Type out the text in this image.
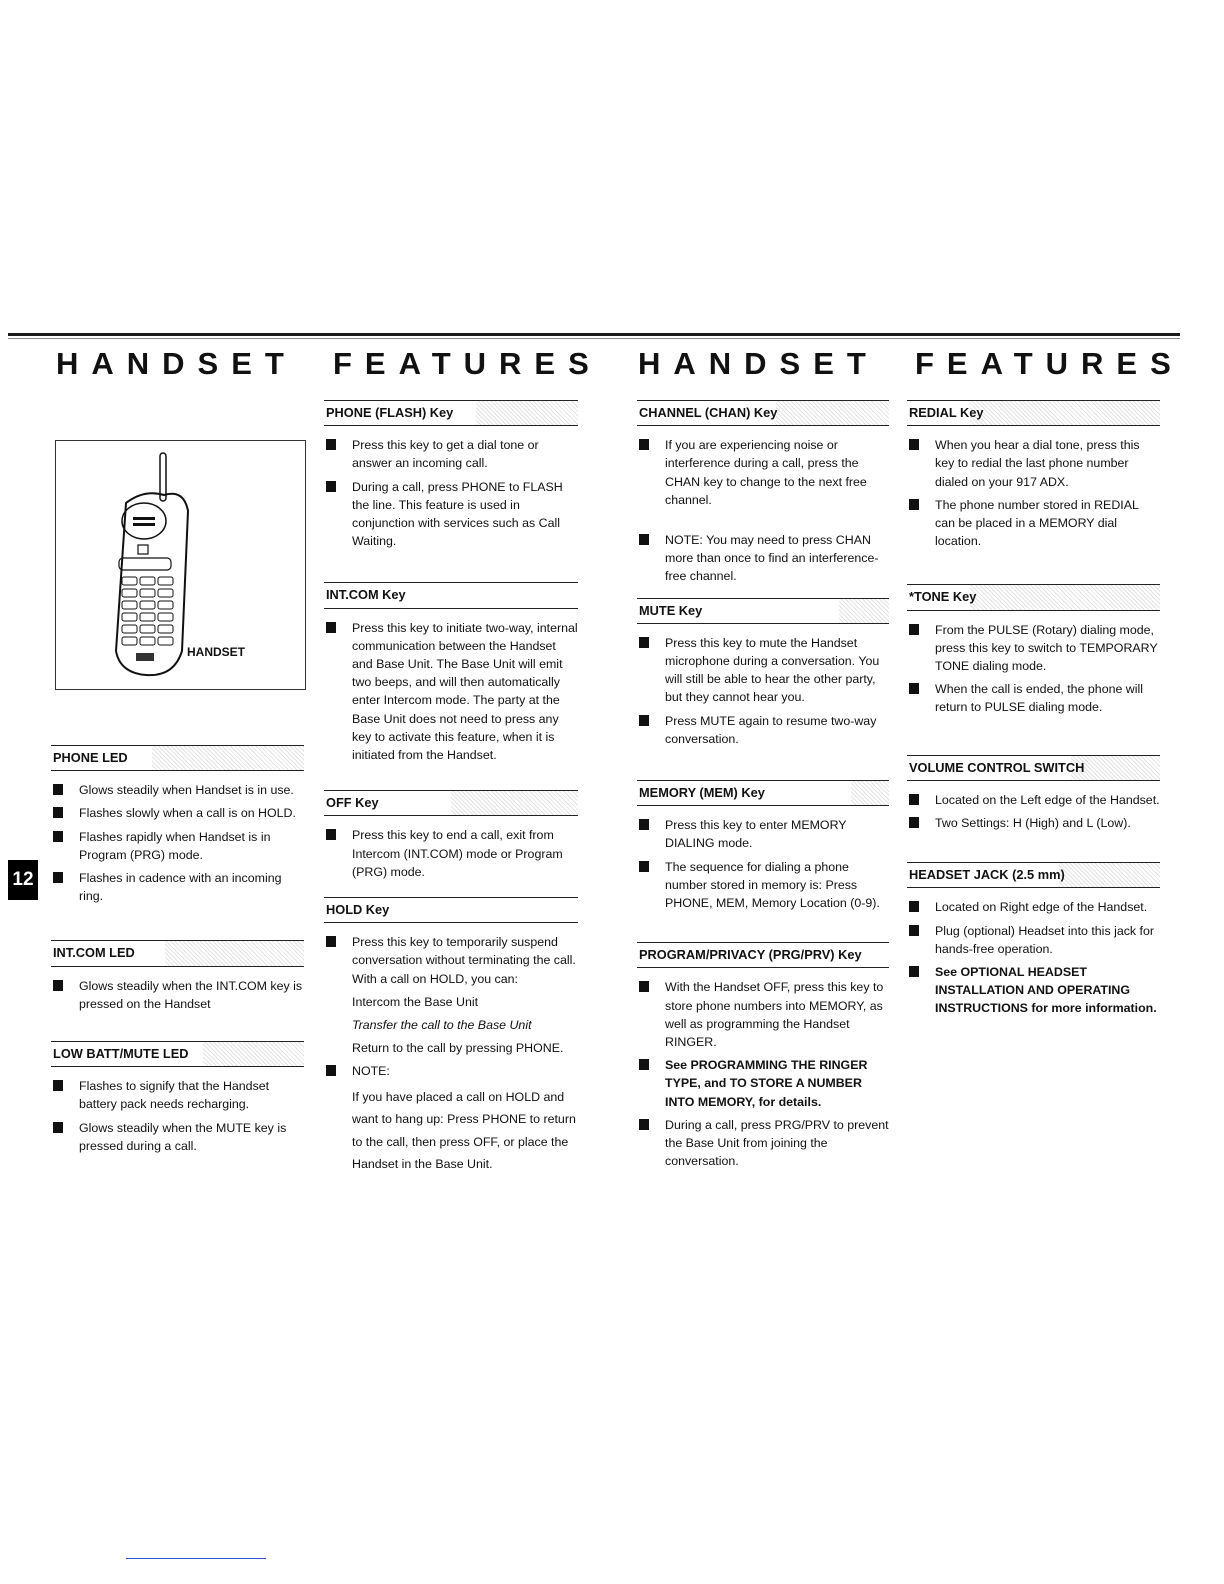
HANDSET FEATURES HANDSET FEATURES
HANDSET
12
PHONE LED
Glows steadily when Handset is in use.
Flashes slowly when a call is on HOLD.
Flashes rapidly when Handset is in Program (PRG) mode.
Flashes in cadence with an incoming ring.
INT.COM LED
Glows steadily when the INT.COM key is pressed on the Handset
LOW BATT/MUTE LED
Flashes to signify that the Handset battery pack needs recharging.
Glows steadily when the MUTE key is pressed during a call.
PHONE (FLASH) Key
Press this key to get a dial tone or answer an incoming call.
During a call, press PHONE to FLASH the line. This feature is used in conjunction with services such as Call Waiting.
INT.COM Key
Press this key to initiate two-way, internal communication between the Handset and Base Unit. The Base Unit will emit two beeps, and will then automatically enter Intercom mode. The party at the Base Unit does not need to press any key to activate this feature, when it is initiated from the Handset.
OFF Key
Press this key to end a call, exit from Intercom (INT.COM) mode or Program (PRG) mode.
HOLD Key
Press this key to temporarily suspend conversation without terminating the call. With a call on HOLD, you can:
Intercom the Base Unit
Transfer the call to the Base Unit
Return to the call by pressing PHONE.
NOTE:
If you have placed a call on HOLD and want to hang up: Press PHONE to return to the call, then press OFF, or place the Handset in the Base Unit.
CHANNEL (CHAN) Key
If you are experiencing noise or interference during a call, press the CHAN key to change to the next free channel.
NOTE: You may need to press CHAN more than once to find an interference-free channel.
MUTE Key
Press this key to mute the Handset microphone during a conversation. You will still be able to hear the other party, but they cannot hear you.
Press MUTE again to resume two-way conversation.
MEMORY (MEM) Key
Press this key to enter MEMORY DIALING mode.
The sequence for dialing a phone number stored in memory is: Press PHONE, MEM, Memory Location (0-9).
PROGRAM/PRIVACY (PRG/PRV) Key
With the Handset OFF, press this key to store phone numbers into MEMORY, as well as programming the Handset RINGER.
See PROGRAMMING THE RINGER TYPE, and TO STORE A NUMBER INTO MEMORY, for details.
During a call, press PRG/PRV to prevent the Base Unit from joining the conversation.
REDIAL Key
When you hear a dial tone, press this key to redial the last phone number dialed on your 917 ADX.
The phone number stored in REDIAL can be placed in a MEMORY dial location.
*TONE Key
From the PULSE (Rotary) dialing mode, press this key to switch to TEMPORARY TONE dialing mode.
When the call is ended, the phone will return to PULSE dialing mode.
VOLUME CONTROL SWITCH
Located on the Left edge of the Handset.
Two Settings: H (High) and L (Low).
HEADSET JACK (2.5 mm)
Located on Right edge of the Handset.
Plug (optional) Headset into this jack for hands-free operation.
See OPTIONAL HEADSET INSTALLATION AND OPERATING INSTRUCTIONS for more information.
